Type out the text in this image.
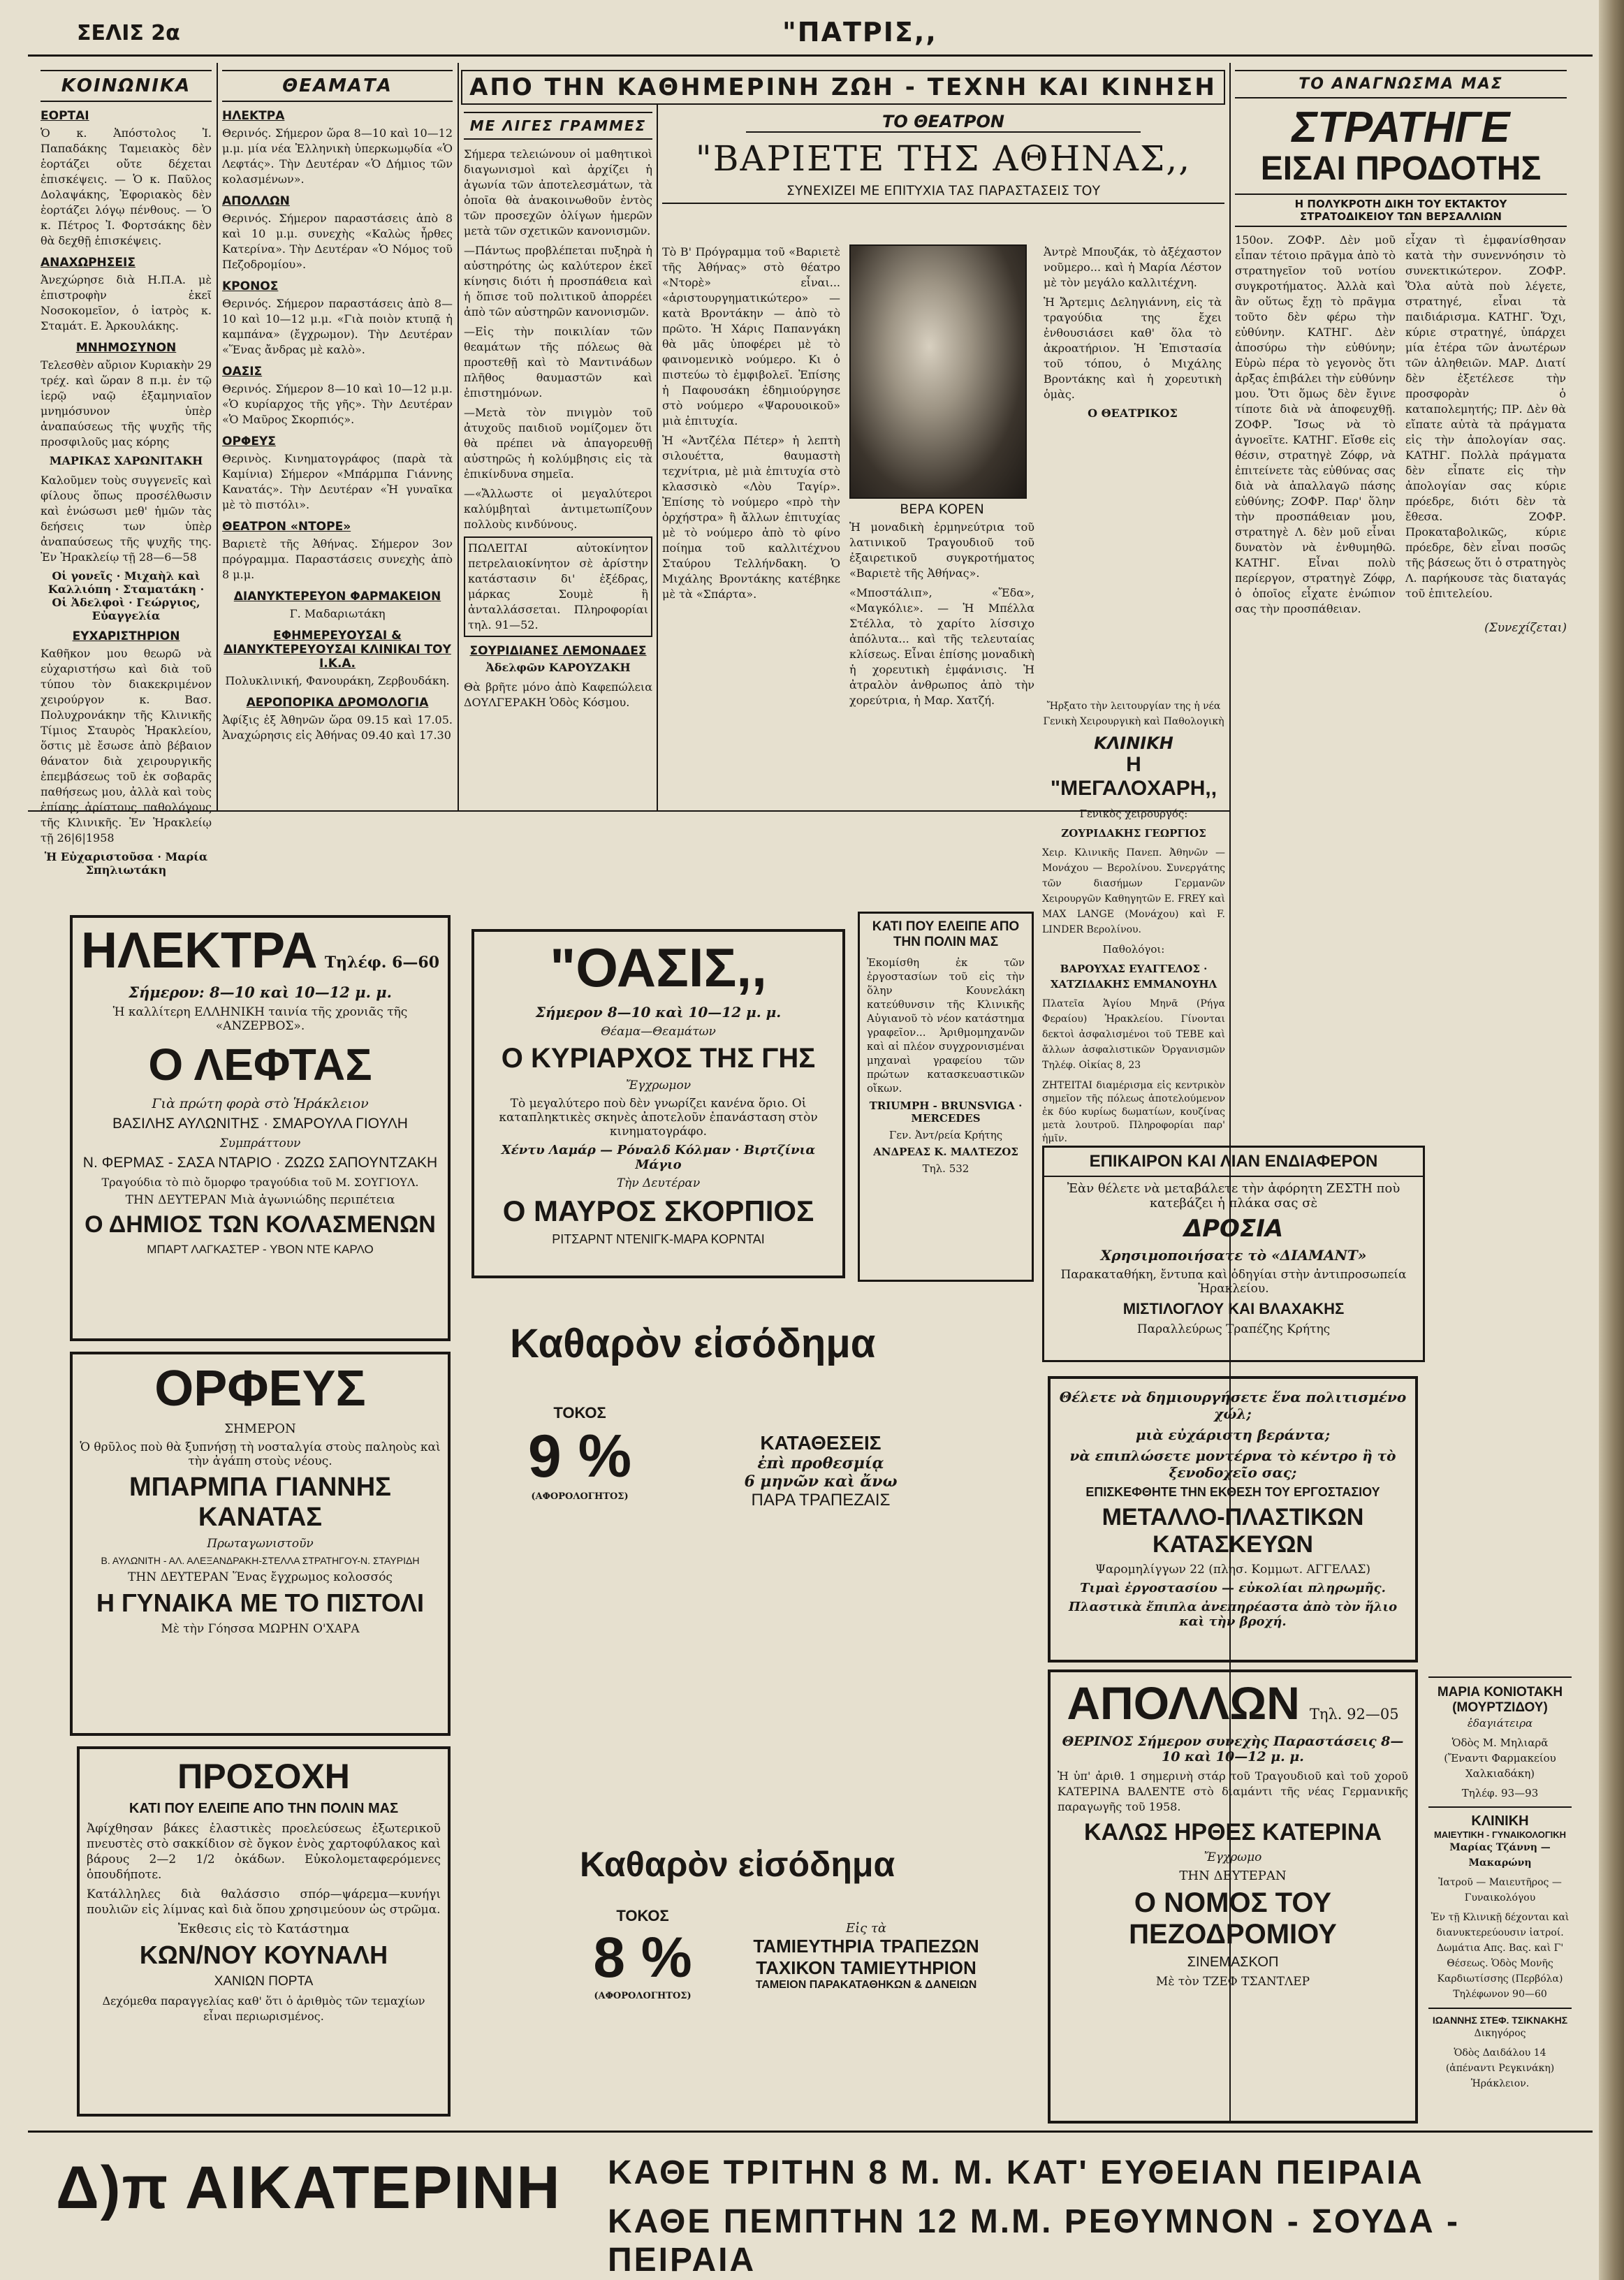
ΣΕΛΙΣ 2α	"ΠΑΤΡΙΣ,,
ΑΠΟ ΤΗΝ ΚΑΘΗΜΕΡΙΝΗ ΖΩΗ - ΤΕΧΝΗ ΚΑΙ ΚΙΝΗΣΗ
ΚΟΙΝΩΝΙΚΑ
ΕΟΡΤΑΙ

Ὁ κ. Ἀπόστολος Ἰ. Παπαδάκης Ταμειακὸς δὲν ἑορτάζει οὔτε δέχεται ἐπισκέψεις. — Ὁ κ. Παῦλος Δολαψάκης, Ἐφοριακὸς δὲν ἑορτάζει λόγῳ πένθους. — Ὁ κ. Πέτρος Ἰ. Φορτσάκης δὲν θὰ δεχθῇ ἐπισκέψεις.

ΑΝΑΧΩΡΗΣΕΙΣ

Ἀνεχώρησε διὰ Η.Π.Α. μὲ ἐπιστροφὴν ἐκεῖ Νοσοκομεῖον, ὁ ἰατρὸς κ. Σταμάτ. Ε. Ἀρκουλάκης.

ΜΝΗΜΟΣΥΝΟΝ

Τελεσθὲν αὔριον Κυριακὴν 29 τρέχ. καὶ ὥραν 8 π.μ. ἐν τῷ ἱερῷ ναῷ ἑξαμηνιαῖον μνημόσυνον ὑπὲρ ἀναπαύσεως τῆς ψυχῆς τῆς προσφιλοῦς μας κόρης

ΜΑΡΙΚΑΣ ΧΑΡΩΝΙΤΑΚΗ

Καλοῦμεν τοὺς συγγενεῖς καὶ φίλους ὅπως προσέλθωσιν καὶ ἑνώσωσι μεθ' ἡμῶν τὰς δεήσεις των ὑπὲρ ἀναπαύσεως τῆς ψυχῆς της. Ἐν Ἡρακλείῳ τῇ 28—6—58

Οἱ γονεῖς · Μιχαὴλ καὶ Καλλιόπη · Σταματάκη · Οἱ Ἀδελφοὶ · Γεώργιος, Εὐαγγελία
ΕΥΧΑΡΙΣΤΗΡΙΟΝ

Καθῆκον μου θεωρῶ νὰ εὐχαριστήσω καὶ διὰ τοῦ τύπου τὸν διακεκριμένον χειρούργον κ. Βασ. Πολυχρονάκην τῆς Κλινικῆς Τίμιος Σταυρὸς Ἡρακλείου, ὅστις μὲ ἔσωσε ἀπὸ βέβαιον θάνατον διὰ χειρουργικῆς ἐπεμβάσεως τοῦ ἐκ σοβαρᾶς παθήσεως μου, ἀλλὰ καὶ τοὺς ἐπίσης ἀρίστους παθολόγους τῆς Κλινικῆς. Ἐν Ἡρακλείῳ τῇ 26|6|1958

Ἡ Εὐχαριστοῦσα · Μαρία Σπηλιωτάκη
ΘΕΑΜΑΤΑ
ΗΛΕΚΤΡΑ

Θερινός. Σήμερον ὥρα 8—10 καὶ 10—12 μ.μ. μία νέα Ἑλληνικὴ ὑπερκωμῳδία «Ὁ Λεφτάς». Τὴν Δευτέραν «Ὁ Δήμιος τῶν κολασμένων».

ΑΠΟΛΛΩΝ

Θερινός. Σήμερον παραστάσεις ἀπὸ 8 καὶ 10 μ.μ. συνεχὴς «Καλὼς ἦρθες Κατερίνα». Τὴν Δευτέραν «Ὁ Νόμος τοῦ Πεζοδρομίου».

ΚΡΟΝΟΣ

Θερινός. Σήμερον παραστάσεις ἀπὸ 8—10 καὶ 10—12 μ.μ. «Γιὰ ποιὸν κτυπᾷ ἡ καμπάνα» (ἔγχρωμον). Τὴν Δευτέραν «Ἕνας ἄνδρας μὲ καλὸ».

ΟΑΣΙΣ

Θερινός. Σήμερον 8—10 καὶ 10—12 μ.μ. «Ὁ κυρίαρχος τῆς γῆς». Τὴν Δευτέραν «Ὁ Μαῦρος Σκορπιός».

ΟΡΦΕΥΣ

Θερινὸς. Κινηματογράφος (παρὰ τὰ Καμίνια) Σήμερον «Μπάρμπα Γιάννης Κανατάς». Τὴν Δευτέραν «Ἡ γυναῖκα μὲ τὸ πιστόλι».

ΘΕΑΤΡΟΝ «ΝΤΟΡΕ»

Βαριετὲ τῆς Ἀθήνας. Σήμερον 3ον πρόγραμμα. Παραστάσεις συνεχὴς ἀπὸ 8 μ.μ.

ΔΙΑΝΥΚΤΕΡΕΥΟΝ ΦΑΡΜΑΚΕΙΟΝ

Γ. Μαδαριωτάκη

ΕΦΗΜΕΡΕΥΟΥΣΑΙ & ΔΙΑΝΥΚΤΕΡΕΥΟΥΣΑΙ ΚΛΙΝΙΚΑΙ ΤΟΥ Ι.Κ.Α.

Πολυκλινική, Φανουράκη, Ζερβουδάκη.

ΑΕΡΟΠΟΡΙΚΑ ΔΡΟΜΟΛΟΓΙΑ

Ἀφίξις ἐξ Ἀθηνῶν ὥρα 09.15 καὶ 17.05. Ἀναχώρησις εἰς Ἀθήνας 09.40 καὶ 17.30

ΜΕ ΛΙΓΕΣ ΓΡΑΜΜΕΣ

Σήμερα τελειώνουν οἱ μαθητικοὶ διαγωνισμοὶ καὶ ἀρχίζει ἡ ἀγωνία τῶν ἀποτελεσμάτων, τὰ ὁποῖα θὰ ἀνακοινωθοῦν ἐντὸς τῶν προσεχῶν ὀλίγων ἡμερῶν μετὰ τῶν σχετικῶν κανονισμῶν.

—Πάντως προβλέπεται πυξηρὰ ἡ αὐστηρότης ὡς καλύτερον ἐκεῖ κίνησις διότι ἡ προσπάθεια καὶ ἡ ὅπισε τοῦ πολιτικοῦ ἀπορρέει ἀπὸ τῶν αὐστηρῶν κανονισμῶν.

—Εἰς τὴν ποικιλίαν τῶν θεαμάτων τῆς πόλεως θὰ προστεθῇ καὶ τὸ Μαντινάδων πλῆθος θαυμαστῶν καὶ ἐπιστημόνων.

—Μετὰ τὸν πνιγμὸν τοῦ ἀτυχοῦς παιδιοῦ νομίζομεν ὅτι θὰ πρέπει νὰ ἀπαγορευθῇ αὐστηρῶς ἡ κολύμβησις εἰς τὰ ἐπικίνδυνα σημεῖα.

—«Ἄλλωστε οἱ μεγαλύτεροι καλύμβηταὶ ἀντιμετωπίζουν πολλοὺς κινδύνους.

ΠΩΛΕΙΤΑΙ αὐτοκίνητον πετρελαιοκίνητον σὲ ἀρίστην κατάστασιν δι' ἐξέδρας, μάρκας Σουμὲ ἢ ἀνταλλάσσεται. Πληροφορίαι τηλ. 91—52.

ΣΟΥΡΙΔΙΑΝΕΣ ΛΕΜΟΝΑΔΕΣ
Ἀδελφῶν ΚΑΡΟΥΖΑΚΗ

Θὰ βρῆτε μόνο ἀπὸ Καφεπώλεια ΔΟΥΛΓΕΡΑΚΗ Ὁδὸς Κόσμου.

ΤΟ ΘΕΑΤΡΟΝ
"ΒΑΡΙΕΤΕ ΤΗΣ ΑΘΗΝΑΣ,,
ΣΥΝΕΧΙΖΕΙ ΜΕ ΕΠΙΤΥΧΙΑ ΤΑΣ ΠΑΡΑΣΤΑΣΕΙΣ ΤΟΥ

Τὸ Β' Πρόγραμμα τοῦ «Βαριετὲ τῆς Ἀθήνας» στὸ θέατρο «Ντορὲ» εἶναι... «ἀριστουργηματικώτερο» — κατὰ Βροντάκην — ἀπὸ τὸ πρῶτο. Ἡ Χάρις Παπανγάκη θὰ μᾶς ὑποφέρει μὲ τὸ φαινομενικὸ νούμερο. Κι ὁ πιστεύω τὸ ἐμφιβολεῖ. Ἐπίσης ἡ Παφουσάκη ἐδημιούργησε στὸ νούμερο «Ψαρουοικοῦ» μιὰ ἐπιτυχία.

Ἡ «Ἀντζέλα Πέτερ» ἡ λεπτὴ σιλουέττα, θαυμαστὴ τεχνίτρια, μὲ μιὰ ἐπιτυχία στὸ κλασσικὸ «Λὸυ Ταγίρ». Ἐπίσης τὸ νούμερο «πρὸ τὴν ὀρχήστρα» ἢ ἄλλων ἐπιτυχίας μὲ τὸ νούμερο ἀπὸ τὸ φίνο ποίημα τοῦ καλλιτέχνου Σταύρου Τελλήνδακη. Ὁ Μιχάλης Βροντάκης κατέβηκε μὲ τὰ «Σπάρτα».

ΒΕΡΑ ΚΟΡΕΝ

Ἡ μοναδικὴ ἑρμηνεύτρια τοῦ λατινικοῦ Τραγουδιοῦ τοῦ ἐξαιρετικοῦ συγκροτήματος «Βαριετὲ τῆς Ἀθήνας».

«Μποστάλιπ», «Ἔδα», «Μαγκόλιε». — Ἡ Μπέλλα Στέλλα, τὸ χαρίτο λίσσιχο ἀπόλυτα... καὶ τῆς τελευταίας κλίσεως. Εἶναι ἐπίσης μοναδικὴ ἡ χορευτικὴ ἐμφάνισις. Ἡ ἀτραλὸν ἀνθρωπος ἀπὸ τὴν χορεύτρια, ἠ Μαρ. Χατζή.

Ἀντρὲ Μπουζάκ, τὸ ἀξέχαστον νοῦμερο... καὶ ἡ Μαρία Λέστον μὲ τὸν μεγάλο καλλιτέχνη.

Ἡ Ἄρτεμις Δεληγιάννη, εἰς τὰ τραγούδια της ἔχει ἐνθουσιάσει καθ' ὅλα τὸ ἀκροατήριον. Ἡ Ἐπιστασία τοῦ τόπου, ὁ Μιχάλης Βροντάκης καὶ ἡ χορευτικὴ ὁμὰς.

Ο ΘΕΑΤΡΙΚΟΣ
ΤΟ ΑΝΑΓΝΩΣΜΑ ΜΑΣ
ΣΤΡΑΤΗΓΕ
ΕΙΣΑΙ ΠΡΟΔΟΤΗΣ
Η ΠΟΛΥΚΡΟΤΗ ΔΙΚΗ ΤΟΥ ΕΚΤΑΚΤΟΥ
ΣΤΡΑΤΟΔΙΚΕΙΟΥ ΤΩΝ ΒΕΡΣΑΛΛΙΩΝ

150ον. ΖΟΦΡ. Δὲν μοῦ εἶπαν τέτοιο πρᾶγμα ἀπὸ τὸ στρατηγεῖον τοῦ νοτίου συγκροτήματος. Ἀλλὰ καὶ ἂν οὕτως ἔχῃ τὸ πρᾶγμα τοῦτο δὲν φέρω τὴν εὐθύνην. ΚΑΤΗΓ. Δὲν ἀποσύρω τὴν εὐθύνην; Εὑρὼ πέρα τὸ γεγονὸς ὅτι ἀρξας ἐπιβάλει τὴν εὐθύνην μου. Ὅτι ὅμως δὲν ἔγινε τίποτε διὰ νὰ ἀποφευχθῇ. ΖΟΦΡ. Ἴσως νὰ τὸ ἀγνοεῖτε. ΚΑΤΗΓ. Εἴσθε εἰς θέσιν, στρατηγὲ Ζόφρ, νὰ ἐπιτείνετε τὰς εὐθύνας σας διὰ νὰ ἀπαλλαγῶ πάσης εὐθύνης; ΖΟΦΡ. Παρ' ὅλην τὴν προσπάθειαν μου, στρατηγὲ Λ. δὲν μοῦ εἶναι δυνατὸν νὰ ἐνθυμηθῶ. ΚΑΤΗΓ. Εἶναι πολὺ περίεργον, στρατηγὲ Ζόφρ, ὁ ὁποῖος εἶχατε ἐνώπιον σας τὴν προσπάθειαν.

εἶχαν τὶ ἐμφανίσθησαν κατὰ τὴν συνεννόησιν τὸ συνεκτικώτερον. ΖΟΦΡ. Ὅλα αὐτὰ ποὺ λέγετε, στρατηγέ, εἶναι τὰ παιδιάρισμα. ΚΑΤΗΓ. Ὄχι, κύριε στρατηγέ, ὑπάρχει μία ἐτέρα τῶν ἀνωτέρων τῶν ἀληθειῶν. ΜΑΡ. Διατί δὲν ἐξετέλεσε τὴν προσφορὰν ὁ καταπολεμητής; ΠΡ. Δὲν θὰ εἴπατε αὐτὰ τὰ πράγματα εἰς τὴν ἀπολογίαν σας. ΚΑΤΗΓ. Πολλὰ πράγματα δὲν εἶπατε εἰς τὴν ἀπολογίαν σας κύριε πρόεδρε, διότι δὲν τὰ ἔθεσα. ΖΟΦΡ. Προκαταβολικῶς, κύριε πρόεδρε, δὲν εἶναι ποσῶς τῆς βάσεως ὅτι ὁ στρατηγὸς Λ. παρήκουσε τὰς διαταγάς τοῦ ἐπιτελείου.

(Συνεχίζεται)
ΗΛΕΚΤΡΑ Τηλέφ. 6—60

Σήμερον: 8—10 καὶ 10—12 μ. μ.

Ἡ καλλίτερη ΕΛΛΗΝΙΚΗ ταινία τῆς χρονιᾶς τῆς «ΑΝΖΕΡΒΟΣ».

Ο ΛΕΦΤΑΣ

Γιὰ πρώτη φορὰ στὸ Ἡράκλειον

ΒΑΣΙΛΗΣ ΑΥΛΩΝΙΤΗΣ · ΣΜΑΡΟΥΛΑ ΓΙΟΥΛΗ

Συμπράττουν

Ν. ΦΕΡΜΑΣ - ΣΑΣΑ ΝΤΑΡΙΟ · ΖΩΖΩ ΣΑΠΟΥΝΤΖΑΚΗ

Τραγούδια τὸ πιὸ ὄμορφο τραγούδια τοῦ Μ. ΣΟΥΓΙΟΥΛ.

ΤΗΝ ΔΕΥΤΕΡΑΝ Μιὰ ἀγωνιώδης περιπέτεια

Ο ΔΗΜΙΟΣ ΤΩΝ ΚΟΛΑΣΜΕΝΩΝ

ΜΠΑΡΤ ΛΑΓΚΑΣΤΕΡ - ΥΒΟΝ ΝΤΕ ΚΑΡΛΟ

"ΟΑΣΙΣ,,

Σήμερον 8—10 καὶ 10—12 μ. μ.

Θέαμα—Θεαμάτων

Ο ΚΥΡΙΑΡΧΟΣ ΤΗΣ ΓΗΣ

Ἔγχρωμον

Τὸ μεγαλύτερο ποὺ δὲν γνωρίζει κανένα ὅριο. Οἱ καταπληκτικὲς σκηνὲς ἀποτελοῦν ἐπανάσταση στὸν κινηματογράφο.

Χέντυ Λαμάρ — Ρόναλδ Κόλμαν · Βιρτζίνια Μάγιο

Τὴν Δευτέραν

Ο ΜΑΥΡΟΣ ΣΚΟΡΠΙΟΣ

ΡΙΤΣΑΡΝΤ ΝΤΕΝΙΓΚ-ΜΑΡΑ ΚΟΡΝΤΑΙ

ΚΑΤΙ ΠΟΥ ΕΛΕΙΠΕ ΑΠΟ ΤΗΝ ΠΟΛΙΝ ΜΑΣ

Ἐκομίσθη ἐκ τῶν ἐργοστασίων τοῦ εἰς τὴν ὅλην Κουνελάκη κατεύθυνσιν τῆς Κλινικῆς Αὐγιανοῦ τὸ νέον κατάστημα γραφεῖον... Ἀριθμομηχανῶν καὶ αἱ πλέον συγχρονισμέναι μηχαναὶ γραφείου τῶν πρώτων κατασκευαστικῶν οἴκων.

TRIUMPH - BRUNSVIGA · MERCEDES

Γεν. Ἀντ/ρεία Κρήτης

ΑΝΔΡΕΑΣ Κ. ΜΑΛΤΕΖΟΣ

Τηλ. 532

Ἤρξατο τὴν λειτουργίαν της ἡ νέα Γενικὴ Χειρουργικὴ καὶ Παθολογικὴ

ΚΛΙΝΙΚΗ
Η "ΜΕΓΑΛΟΧΑΡΗ,,

Γενικὸς χειρουργός:

ΖΟΥΡΙΔΑΚΗΣ ΓΕΩΡΓΙΟΣ

Χειρ. Κλινικῆς Πανεπ. Ἀθηνῶν — Μονάχου — Βερολίνου. Συνεργάτης τῶν διασήμων Γερμανῶν Χειρουργῶν Καθηγητῶν E. FREY καὶ MAX LANGE (Μονάχου) καὶ F. LINDER Βερολίνου.

Παθολόγοι:

ΒΑΡΟΥΧΑΣ ΕΥΑΓΓΕΛΟΣ · ΧΑΤΖΙΔΑΚΗΣ ΕΜΜΑΝΟΥΗΛ

Πλατεῖα Ἁγίου Μηνᾶ (Ρήγα Φεραίου) Ἡρακλείου. Γίνονται δεκτοὶ ἀσφαλισμένοι τοῦ ΤΕΒΕ καὶ ἄλλων ἀσφαλιστικῶν Ὀργανισμῶν Τηλέφ. Οἰκίας 8, 23

ΖΗΤΕΙΤΑΙ διαμέρισμα εἰς κεντρικὸν σημεῖον τῆς πόλεως ἀποτελούμενον ἐκ δύο κυρίως δωματίων, κουζίνας μετὰ λουτροῦ. Πληροφορίαι παρ' ἡμῖν.

ΕΠΙΚΑΙΡΟΝ ΚΑΙ ΛΙΑΝ ΕΝΔΙΑΦΕΡΟΝ

Ἐὰν θέλετε νὰ μεταβάλετε τὴν ἀφόρητη ΖΕΣΤΗ ποὺ κατεβάζει ἡ πλάκα σας σὲ

ΔΡΟΣΙΑ

Χρησιμοποιήσατε τὸ «ΔΙΑΜΑΝΤ»

Παρακαταθήκη, ἔντυπα καὶ ὁδηγίαι στὴν ἀντιπροσωπεία Ἡρακλείου.

ΜΙΣΤΙΛΟΓΛΟΥ ΚΑΙ ΒΛΑΧΑΚΗΣ

Παραλλεύρως Τραπέζης Κρήτης

Καθαρὸν εἰσόδημα
ΤΟΚΟΣ
9 %
(ΑΦΟΡΟΛΟΓΗΤΟΣ)
ΚΑΤΑΘΕΣΕΙΣ
ἐπὶ προθεσμίᾳ
6 μηνῶν καὶ ἄνω
ΠΑΡΑ ΤΡΑΠΕΖΑΙΣ

Θέλετε νὰ δημιουργήσετε ἕνα πολιτισμένο χώλ;

μιὰ εὐχάριστη βεράντα;

νὰ επιπλώσετε μοντέρνα τὸ κέντρο ἢ τὸ ξενοδοχεῖο σας;

ΕΠΙΣΚΕΦΘΗΤΕ ΤΗΝ ΕΚΘΕΣΗ ΤΟΥ ΕΡΓΟΣΤΑΣΙΟΥ

ΜΕΤΑΛΛΟ-ΠΛΑΣΤΙΚΩΝ ΚΑΤΑΣΚΕΥΩΝ

Ψαρομηλίγγων 22 (πλησ. Κομμωτ. ΑΓΓΕΛΑΣ)

Τιμαὶ ἐργοστασίου — εὐκολίαι πληρωμῆς.

Πλαστικὰ ἔπιπλα ἀνεπηρέαστα ἀπὸ τὸν ἥλιο καὶ τὴν βροχή.

ΟΡΦΕΥΣ

ΣΗΜΕΡΟΝ

Ὁ θρῦλος ποὺ θὰ ξυπνήσῃ τὴ νοσταλγία στοὺς παληοὺς καὶ τὴν ἀγάπη στοὺς νέους.

ΜΠΑΡΜΠΑ ΓΙΑΝΝΗΣ ΚΑΝΑΤΑΣ

Πρωταγωνιστοῦν

Β. ΑΥΛΩΝΙΤΗ - ΑΛ. ΑΛΕΞΑΝΔΡΑΚΗ-ΣΤΕΛΛΑ ΣΤΡΑΤΗΓΟΥ-Ν. ΣΤΑΥΡΙΔΗ

ΤΗΝ ΔΕΥΤΕΡΑΝ Ἕνας ἔγχρωμος κολοσσός

Η ΓΥΝΑΙΚΑ ΜΕ ΤΟ ΠΙΣΤΟΛΙ

Μὲ τὴν Γόησσα ΜΩΡΗΝ Ο'ΧΑΡΑ

ΠΡΟΣΟΧΗ

ΚΑΤΙ ΠΟΥ ΕΛΕΙΠΕ ΑΠΟ ΤΗΝ ΠΟΛΙΝ ΜΑΣ

Ἀφίχθησαν βάκες ἐλαστικὲς προελεύσεως ἐξωτερικοῦ πνευστὲς στὸ σακκίδιον σὲ ὄγκον ἑνὸς χαρτοφύλακος καὶ βάρους 2—2 1/2 ὀκάδων. Εὐκολομεταφερόμενες ὁπουδήποτε.

Κατάλληλες διὰ θαλάσσιο σπόρ—ψάρεμα—κυνήγι πουλιῶν εἰς λίμνας καὶ διὰ ὅπου χρησιμεύουν ὡς στρῶμα.

Ἐκθεσις εἰς τὸ Κατάστημα

ΚΩΝ/ΝΟΥ ΚΟΥΝΑΛΗ

ΧΑΝΙΩΝ ΠΟΡΤΑ

Δεχόμεθα παραγγελίας καθ' ὅτι ὁ ἀριθμὸς τῶν τεμαχίων εἶναι περιωρισμένος.

Καθαρὸν εἰσόδημα
ΤΟΚΟΣ
8 %
(ΑΦΟΡΟΛΟΓΗΤΟΣ)
Εἰς τὰ
ΤΑΜΙΕΥΤΗΡΙΑ ΤΡΑΠΕΖΩΝ
ΤΑΧΙΚΟΝ ΤΑΜΙΕΥΤΗΡΙΟΝ
ΤΑΜΕΙΟΝ ΠΑΡΑΚΑΤΑΘΗΚΩΝ & ΔΑΝΕΙΩΝ
ΑΠΟΛΛΩΝ Τηλ. 92—05

ΘΕΡΙΝΟΣ Σήμερον συνεχὴς Παραστάσεις 8—10 καὶ 10—12 μ. μ.

Ἡ ὑπ' ἀριθ. 1 σημερινὴ στάρ τοῦ Τραγουδιοῦ καὶ τοῦ χοροῦ ΚΑΤΕΡΙΝΑ ΒΑΛΕΝΤΕ στὸ διαμάντι τῆς νέας Γερμανικῆς παραγωγῆς τοῦ 1958.

ΚΑΛΩΣ ΗΡΘΕΣ ΚΑΤΕΡΙΝΑ

Ἔγχρωμο

ΤΗΝ ΔΕΥΤΕΡΑΝ

Ο ΝΟΜΟΣ ΤΟΥ ΠΕΖΟΔΡΟΜΙΟΥ

ΣΙΝΕΜΑΣΚΟΠ

Μὲ τὸν ΤΖΕΦ ΤΣΑΝΤΛΕΡ

ΜΑΡΙΑ ΚΟΝΙΟΤΑΚΗ
(ΜΟΥΡΤΖΙΔΟΥ)

ἐδαγιάτειρα

Ὁδὸς Μ. Μηλιαρᾶ (Ἔναντι Φαρμακείου Χαλκιαδάκη)

Τηλέφ. 93—93

ΚΛΙΝΙΚΗ
ΜΑΙΕΥΤΙΚΗ - ΓΥΝΑΙΚΟΛΟΓΙΚΗ

Μαρίας Τζάννη — Μακαρώνη

Ἰατροῦ — Μαιευτῆρος — Γυναικολόγου

Ἐν τῇ Κλινικῇ δέχονται καὶ διανυκτερεύουσιν ἰατροί. Δωμάτια Απς. Βας. καὶ Γ' Θέσεως. Ὁδὸς Μονῆς Καρδιωτίσσης (Περβόλα) Τηλέφωνον 90—60

ΙΩΑΝΝΗΣ ΣΤΕΦ. ΤΣΙΚΝΑΚΗΣ

Δικηγόρος

Ὁδὸς Δαιδάλου 14 (ἀπέναντι Ρεγκινάκη) Ἡράκλειον.

Δ)π ΑΙΚΑΤΕΡΙΝΗ ΚΑΘΕ ΤΡΙΤΗΝ 8 Μ. Μ. ΚΑΤ' ΕΥΘΕΙΑΝ ΠΕΙΡΑΙΑ
ΚΑΘΕ ΠΕΜΠΤΗΝ 12 Μ.Μ. ΡΕΘΥΜΝΟΝ - ΣΟΥΔΑ - ΠΕΙΡΑΙΑ
